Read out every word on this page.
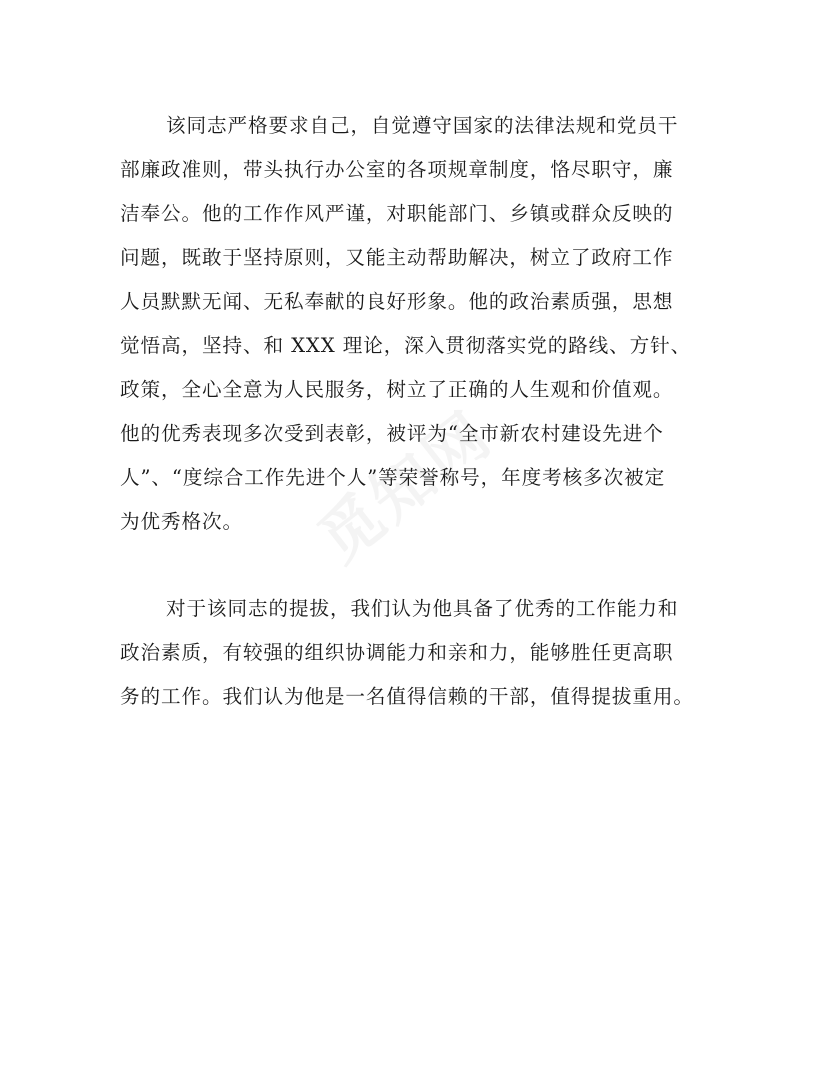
该同志严格要求自己，自觉遵守国家的法律法规和党员干
部廉政准则，带头执行办公室的各项规章制度，恪尽职守，廉
洁奉公。他的工作作风严谨，对职能部门、乡镇或群众反映的
问题，既敢于坚持原则，又能主动帮助解决，树立了政府工作
人员默默无闻、无私奉献的良好形象。他的政治素质强，思想
觉悟高，坚持、和 XXX 理论，深入贯彻落实党的路线、方针、
政策，全心全意为人民服务，树立了正确的人生观和价值观。
他的优秀表现多次受到表彰，被评为“全市新农村建设先进个
人”、“度综合工作先进个人”等荣誉称号，年度考核多次被定
为优秀格次。
对于该同志的提拔，我们认为他具备了优秀的工作能力和
政治素质，有较强的组织协调能力和亲和力，能够胜任更高职
务的工作。我们认为他是一名值得信赖的干部，值得提拔重用。
